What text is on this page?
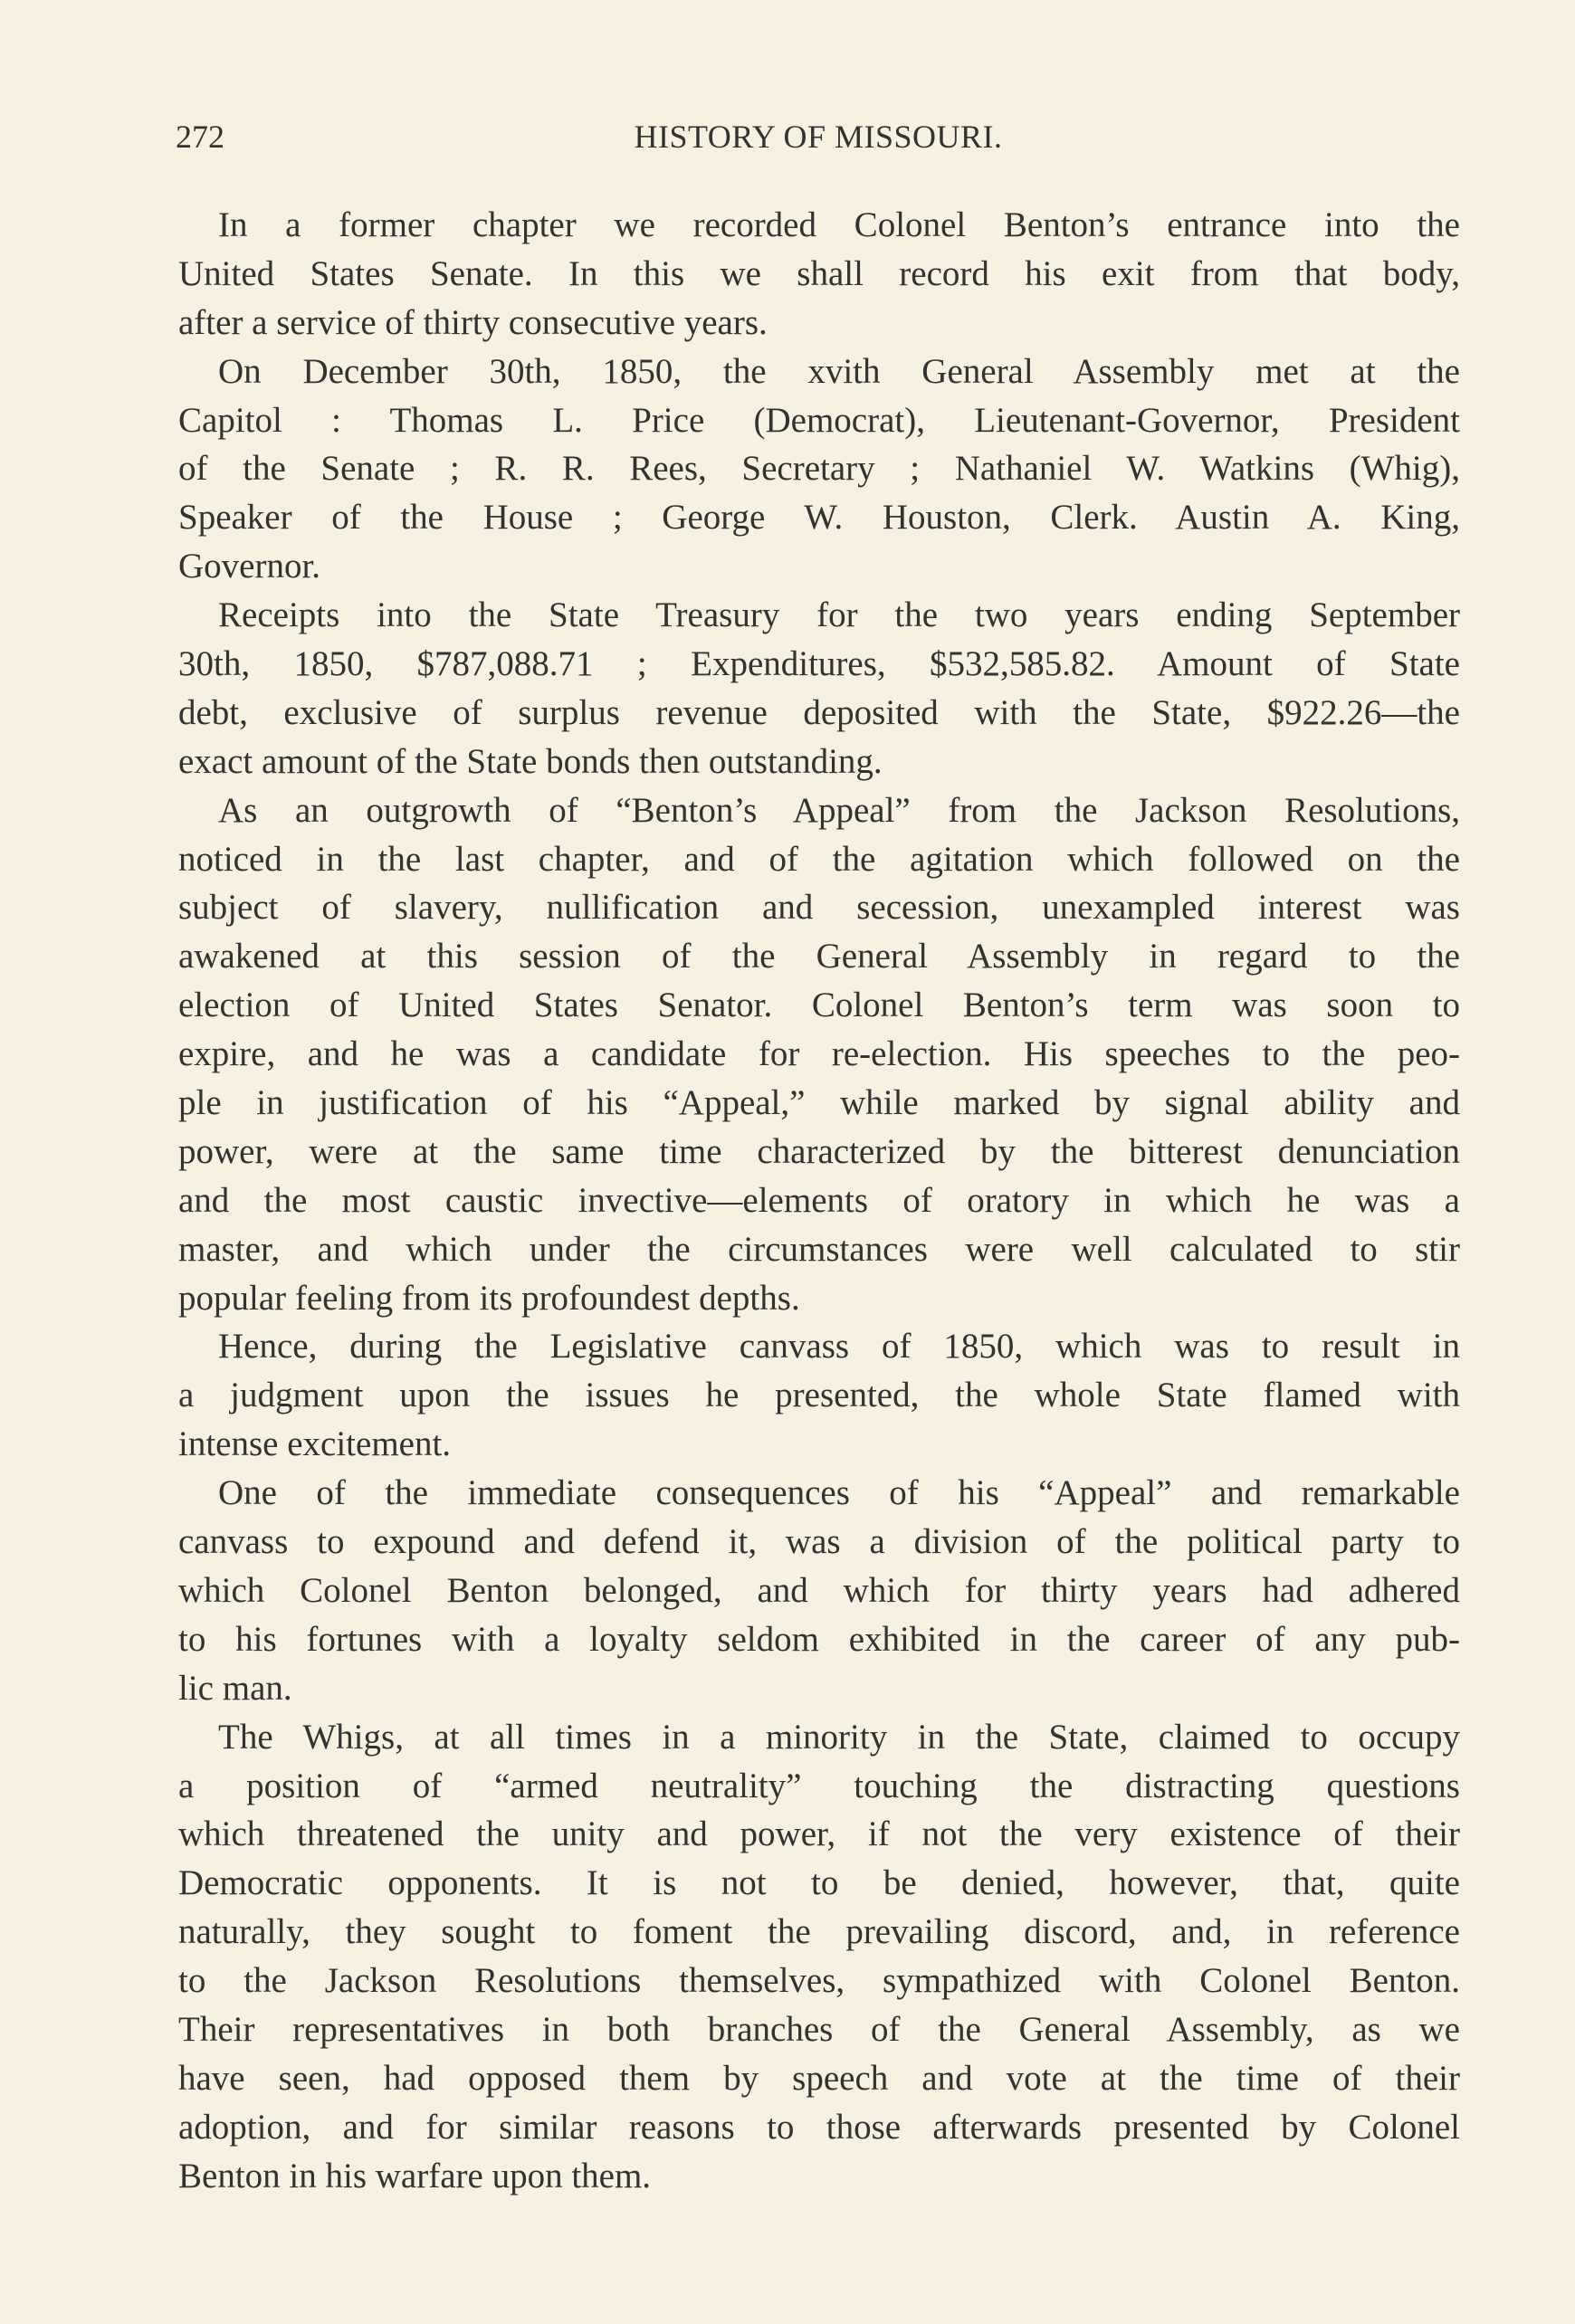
272	HISTORY OF MISSOURI.
In a former chapter we recorded Colonel Benton’s entrance into the
United States Senate. In this we shall record his exit from that body,
after a service of thirty consecutive years.
On December 30th, 1850, the xvith General Assembly met at the
Capitol : Thomas L. Price (Democrat), Lieutenant-Governor, President
of the Senate ; R. R. Rees, Secretary ; Nathaniel W. Watkins (Whig),
Speaker of the House ; George W. Houston, Clerk. Austin A. King,
Governor.
Receipts into the State Treasury for the two years ending September
30th, 1850, $787,088.71 ; Expenditures, $532,585.82. Amount of State
debt, exclusive of surplus revenue deposited with the State, $922.26—the
exact amount of the State bonds then outstanding.
As an outgrowth of “Benton’s Appeal” from the Jackson Resolutions,
noticed in the last chapter, and of the agitation which followed on the
subject of slavery, nullification and secession, unexampled interest was
awakened at this session of the General Assembly in regard to the
election of United States Senator. Colonel Benton’s term was soon to
expire, and he was a candidate for re-election. His speeches to the peo-
ple in justification of his “Appeal,” while marked by signal ability and
power, were at the same time characterized by the bitterest denunciation
and the most caustic invective—elements of oratory in which he was a
master, and which under the circumstances were well calculated to stir
popular feeling from its profoundest depths.
Hence, during the Legislative canvass of 1850, which was to result in
a judgment upon the issues he presented, the whole State flamed with
intense excitement.
One of the immediate consequences of his “Appeal” and remarkable
canvass to expound and defend it, was a division of the political party to
which Colonel Benton belonged, and which for thirty years had adhered
to his fortunes with a loyalty seldom exhibited in the career of any pub-
lic man.
The Whigs, at all times in a minority in the State, claimed to occupy
a position of “armed neutrality” touching the distracting questions
which threatened the unity and power, if not the very existence of their
Democratic opponents. It is not to be denied, however, that, quite
naturally, they sought to foment the prevailing discord, and, in reference
to the Jackson Resolutions themselves, sympathized with Colonel Benton.
Their representatives in both branches of the General Assembly, as we
have seen, had opposed them by speech and vote at the time of their
adoption, and for similar reasons to those afterwards presented by Colonel
Benton in his warfare upon them.
